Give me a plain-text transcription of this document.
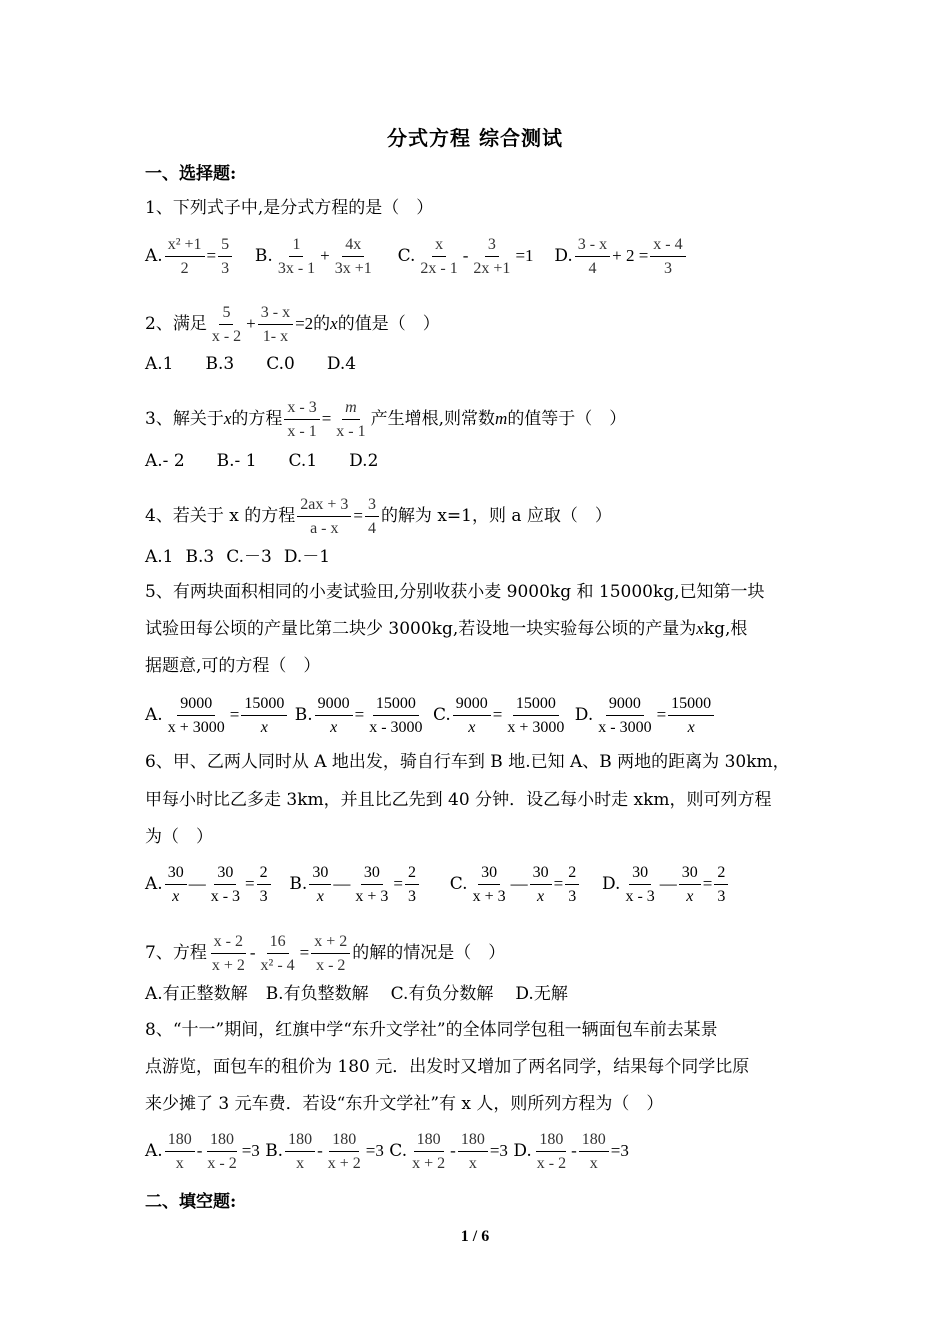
分式方程 综合测试
一、选择题:
1、下列式子中,是分式方程的是（　）
A. $\frac{\text{x² +1}}{2} = \frac{5}{3} B$. $\frac{1}{3x - 1} + \frac{4x}{3x +1} C$. $\frac{x}{2x - 1} - \frac{3}{2x +1} =1$ D. $\frac{3 - x}{4} + 2 = \frac{x - 4}{3}$
2、满足 $\frac{5}{x - 2} + \frac{3 - x}{1- x} =2$的x的值是（　）
A.1 B.3 C.0 D.4
3、解关于x的方程 $\frac{x - 3}{x - 1} = \frac{m}{x - 1}$ 产生增根,则常数m的值等于（　）
A.- 2 B.- 1 C.1 D.2
4、若关于 x 的方程 $\frac{2ax + 3}{a - x} = \frac{3}{4}$ 的解为 x=1，则 a 应取（　）
A.1 B.3 C.－3 D.－1
5、有两块面积相同的小麦试验田,分别收获小麦 9000kg 和 15000kg,已知第一块
试验田每公顷的产量比第二块少 3000kg,若设地一块实验每公顷的产量为xkg,根
据题意,可的方程（　）
A. $\frac{9000}{x + 3000} = \frac{15000}{x} B$. $\frac{9000}{x} = \frac{15000}{x - 3000} C$. $\frac{9000}{x} = \frac{15000}{x + 3000} D$. $\frac{9000}{x - 3000} = \frac{15000}{x}$
6、甲、乙两人同时从 A 地出发，骑自行车到 B 地.已知 A、B 两地的距离为 30km，
甲每小时比乙多走 3km，并且比乙先到 40 分钟．设乙每小时走 xkm，则可列方程
为（　）
A. $\frac{30}{x}$ — $\frac{30}{x - 3} = \frac{2}{3} B$. $\frac{30}{x}$ — $\frac{30}{x + 3} = \frac{2}{3} C$. $\frac{30}{x + 3}$ — $\frac{30}{x} = \frac{2}{3} D$. $\frac{30}{x - 3}$ — $\frac{30}{x} = \frac{2}{3}$
7、方程 $\frac{x - 2}{x + 2} - \frac{16}{\text{x² - 4}} = \frac{x + 2}{x - 2}$ 的解的情况是（　）
A.有正整数解 B.有负整数解 C.有负分数解 D.无解
8、“十一”期间，红旗中学“东升文学社”的全体同学包租一辆面包车前去某景
点游览，面包车的租价为 180 元．出发时又增加了两名同学，结果每个同学比原
来少摊了 3 元车费．若设“东升文学社”有 x 人，则所列方程为（　）
A. $\frac{180}{x} - \frac{180}{x - 2} =3$ B. $\frac{180}{x} - \frac{180}{x + 2} =3$ C. $\frac{180}{x + 2} - \frac{180}{x} =3$ D. $\frac{180}{x - 2} - \frac{180}{x} =3$
二、填空题:
1 / 6
